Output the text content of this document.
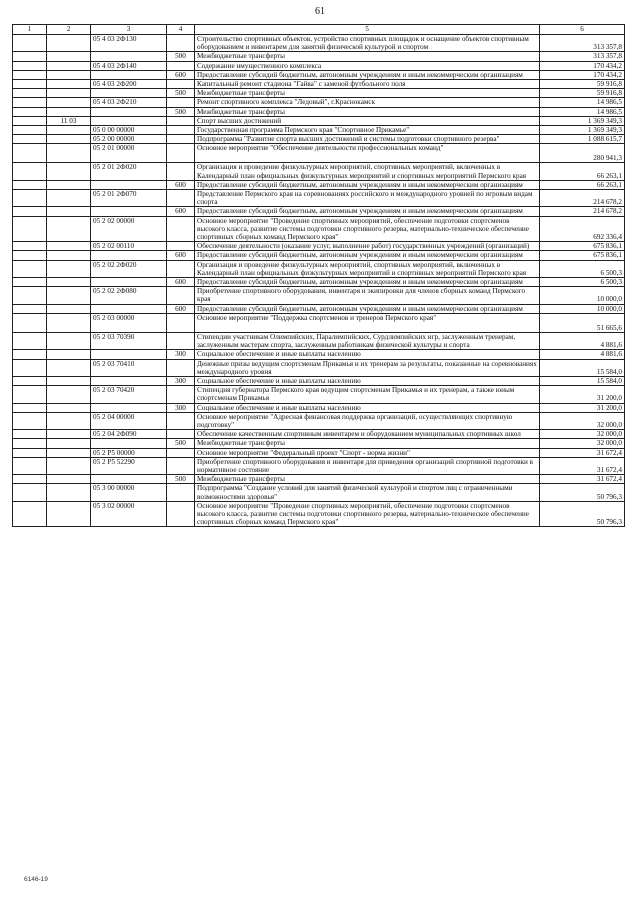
61
1	2	3	4	5	6
		05 4 03 2Ф130		Строительство спортивных объектов, устройство спортивных площадок и оснащение объектов спортивным оборудованием и инвентарем для занятий физической культурой и спортом	313 357,8
			500	Межбюджетные трансферты	313 357,8
		05 4 03 2Ф140		Содержание имущественного комплекса	170 434,2
			600	Предоставление субсидий бюджетным, автономным учреждениям и иным некоммерческим организациям	170 434,2
		05 4 03 2Ф200		Капитальный ремонт стадиона "Гайва" с заменой футбольного поля	59 916,8
			500	Межбюджетные трансферты	59 916,8
		05 4 03 2Ф210		Ремонт спортивного комплекса "Ледовый", г.Краснокамск	14 986,5
			500	Межбюджетные трансферты	14 986,5
	11 03			Спорт высших достижений	1 369 349,3
		05 0 00 00000		Государственная программа Пермского края "Спортивное Прикамье"	1 369 349,3
		05 2 00 00000		Подпрограмма "Развитие спорта высших достижений и системы подготовки спортивного резерва"	1 088 615,7
		05 2 01 00000		Основное мероприятие "Обеспечение деятельности профессиональных команд"	280 941,3
		05 2 01 2Ф020		Организация и проведение физкультурных мероприятий, спортивных мероприятий, включенных в Календарный план официальных физкультурных мероприятий и спортивных мероприятий Пермского края	66 263,1
			600	Предоставление субсидий бюджетным, автономным учреждениям и иным некоммерческим организациям	66 263,1
		05 2 01 2Ф070		Представление Пермского края на соревнованиях российского и международного уровней по игровым видам спорта	214 678,2
			600	Предоставление субсидий бюджетным, автономным учреждениям и иным некоммерческим организациям	214 678,2
		05 2 02 00000		Основное мероприятие "Проведение спортивных мероприятий, обеспечение подготовки спортсменов высокого класса, развитие системы подготовки спортивного резерва, материально-техническое обеспечение спортивных сборных команд Пермского края"	692 336,4
		05 2 02 00110		Обеспечение деятельности (оказание услуг, выполнение работ) государственных учреждений (организаций)	675 836,1
			600	Предоставление субсидий бюджетным, автономным учреждениям и иным некоммерческим организациям	675 836,1
		05 2 02 2Ф020		Организация и проведение физкультурных мероприятий, спортивных мероприятий, включенных в Календарный план официальных физкультурных мероприятий и спортивных мероприятий Пермского края	6 500,3
			600	Предоставление субсидий бюджетным, автономным учреждениям и иным некоммерческим организациям	6 500,3
		05 2 02 2Ф080		Приобретение спортивного оборудования, инвентаря и экипировки для членов сборных команд Пермского края	10 000,0
			600	Предоставление субсидий бюджетным, автономным учреждениям и иным некоммерческим организациям	10 000,0
		05 2 03 00000		Основное мероприятие "Поддержка спортсменов и тренеров Пермского края"	51 665,6
		05 2 03 70390		Стипендии участникам Олимпийских, Паралимпийских, Сурдлимпийских игр, заслуженным тренерам, заслуженным мастерам спорта, заслуженным работникам физической культуры и спорта	4 881,6
			300	Социальное обеспечение и иные выплаты населению	4 881,6
		05 2 03 70410		Денежные призы ведущим спортсменам Прикамья и их тренерам за результаты, показанные на соревнованиях международного уровня	15 584,0
			300	Социальное обеспечение и иные выплаты населению	15 584,0
		05 2 03 70420		Стипендия губернатора Пермского края ведущим спортсменам Прикамья и их тренерам, а также юным спортсменам Прикамья	31 200,0
			300	Социальное обеспечение и иные выплаты населению	31 200,0
		05 2 04 00000		Основное мероприятие "Адресная финансовая поддержка организаций, осуществляющих спортивную подготовку"	32 000,0
		05 2 04 2Ф090		Обеспечение качественным спортивным инвентарем и оборудованием муниципальных спортивных школ	32 000,0
			500	Межбюджетные трансферты	32 000,0
		05 2 P5 00000		Основное мероприятие "Федеральный проект "Спорт - норма жизни"	31 672,4
		05 2 P5 52290		Приобретение спортивного оборудования и инвентаря для приведения организаций спортивной подготовки в нормативное состояние	31 672,4
			500	Межбюджетные трансферты	31 672,4
		05 3 00 00000		Подпрограмма "Создание условий для занятий физической культурой и спортом лиц с ограниченными возможностями здоровья"	50 796,3
		05 3 02 00000		Основное мероприятие "Проведение спортивных мероприятий, обеспечение подготовки спортсменов высокого класса, развитие системы подготовки спортивного резерва, материально-техническое обеспечение спортивных сборных команд Пермского края"	50 796,3
6146-19
